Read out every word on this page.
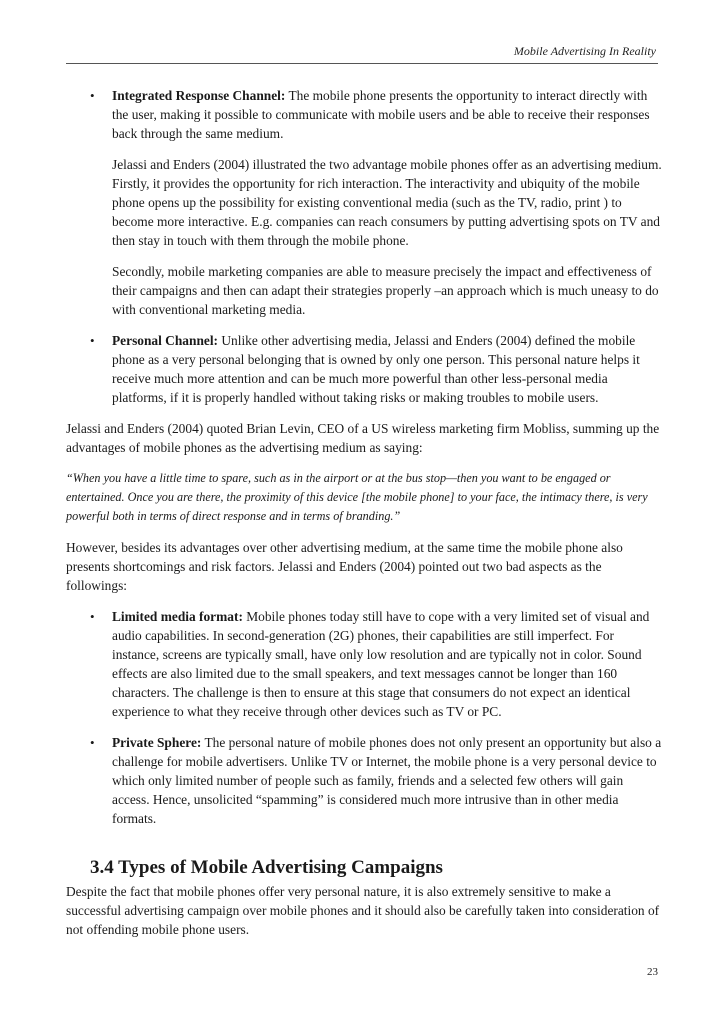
Mobile Advertising In Reality
• Integrated Response Channel: The mobile phone presents the opportunity to interact directly with the user, making it possible to communicate with mobile users and be able to receive their responses back through the same medium.

Jelassi and Enders (2004) illustrated the two advantage mobile phones offer as an advertising medium. Firstly, it provides the opportunity for rich interaction. The interactivity and ubiquity of the mobile phone opens up the possibility for existing conventional media (such as the TV, radio, print ) to become more interactive. E.g. companies can reach consumers by putting advertising spots on TV and then stay in touch with them through the mobile phone.

Secondly, mobile marketing companies are able to measure precisely the impact and effectiveness of their campaigns and then can adapt their strategies properly –an approach which is much uneasy to do with conventional marketing media.

• Personal Channel: Unlike other advertising media, Jelassi and Enders (2004) defined the mobile phone as a very personal belonging that is owned by only one person. This personal nature helps it receive much more attention and can be much more powerful than other less-personal media platforms, if it is properly handled without taking risks or making troubles to mobile users.

Jelassi and Enders (2004) quoted Brian Levin, CEO of a US wireless marketing firm Mobliss, summing up the advantages of mobile phones as the advertising medium as saying:

“When you have a little time to spare, such as in the airport or at the bus stop—then you want to be engaged or entertained. Once you are there, the proximity of this device [the mobile phone] to your face, the intimacy there, is very powerful both in terms of direct response and in terms of branding.”

However, besides its advantages over other advertising medium, at the same time the mobile phone also presents shortcomings and risk factors. Jelassi and Enders (2004) pointed out two bad aspects as the followings:

• Limited media format: Mobile phones today still have to cope with a very limited set of visual and audio capabilities. In second-generation (2G) phones, their capabilities are still imperfect. For instance, screens are typically small, have only low resolution and are typically not in color. Sound effects are also limited due to the small speakers, and text messages cannot be longer than 160 characters. The challenge is then to ensure at this stage that consumers do not expect an identical experience to what they receive through other devices such as TV or PC.

• Private Sphere: The personal nature of mobile phones does not only present an opportunity but also a challenge for mobile advertisers. Unlike TV or Internet, the mobile phone is a very personal device to which only limited number of people such as family, friends and a selected few others will gain access. Hence, unsolicited “spamming” is considered much more intrusive than in other media formats.

3.4 Types of Mobile Advertising Campaigns

Despite the fact that mobile phones offer very personal nature, it is also extremely sensitive to make a successful advertising campaign over mobile phones and it should also be carefully taken into consideration of not offending mobile phone users.

23
